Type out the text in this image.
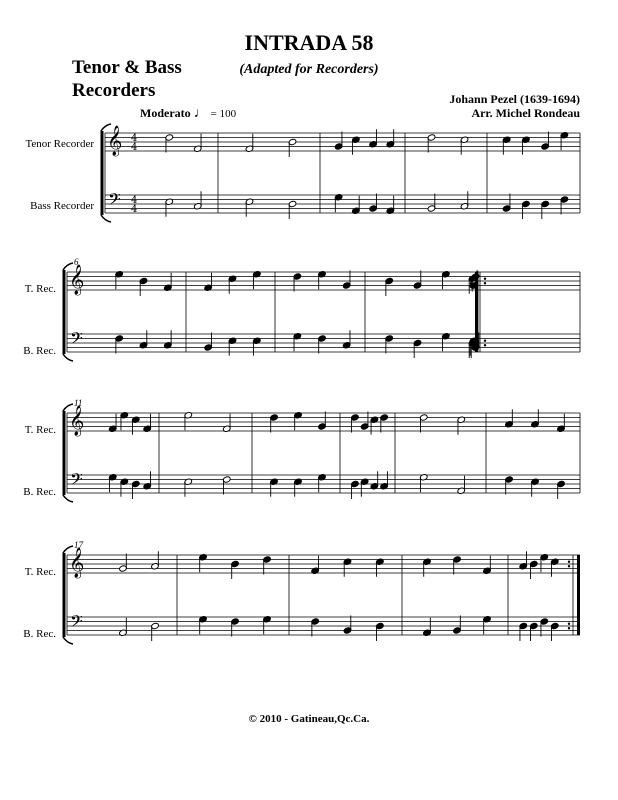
INTRADA 58
(Adapted for Recorders)
Tenor & Bass
Recorders	Johann Pezel (1639-1694)
Arr. Michel Rondeau
Moderato ♩ = 100
Tenor Recorder
Bass Recorder
T. Rec.
B. Rec.
T. Rec.
B. Rec.
T. Rec.
B. Rec.
6
11
17
𝄞
𝄢
4
4
4
4
𝄞
𝄢
𝄞
𝄢
𝄞
𝄢
© 2010 - Gatineau,Qc.Ca.
